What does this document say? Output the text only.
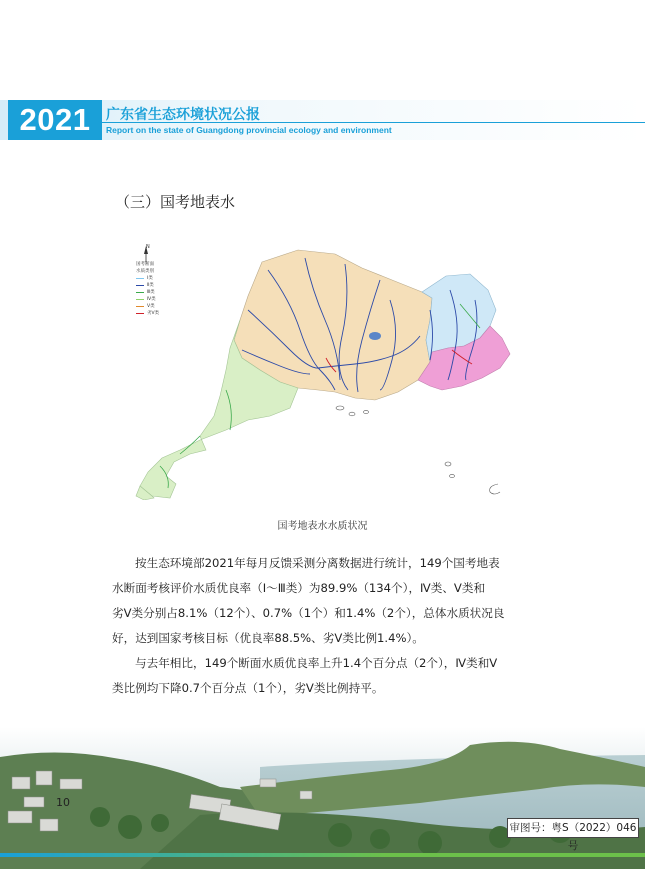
2021	广东省生态环境状况公报
Report on the state of Guangdong provincial ecology and environment
（三）国考地表水
N
国考断面
水质类别
Ⅰ类
Ⅱ类
Ⅲ类
Ⅳ类
Ⅴ类
劣Ⅴ类
国考地表水水质状况
按生态环境部2021年每月反馈采测分离数据进行统计，149个国考地表
水断面考核评价水质优良率（Ⅰ～Ⅲ类）为89.9%（134个），Ⅳ类、Ⅴ类和
劣Ⅴ类分别占8.1%（12个）、0.7%（1个）和1.4%（2个），总体水质状况良
好，达到国家考核目标（优良率88.5%、劣Ⅴ类比例1.4%）。
与去年相比，149个断面水质优良率上升1.4个百分点（2个），Ⅳ类和Ⅴ
类比例均下降0.7个百分点（1个），劣Ⅴ类比例持平。
10
审图号：粤S（2022）046号
